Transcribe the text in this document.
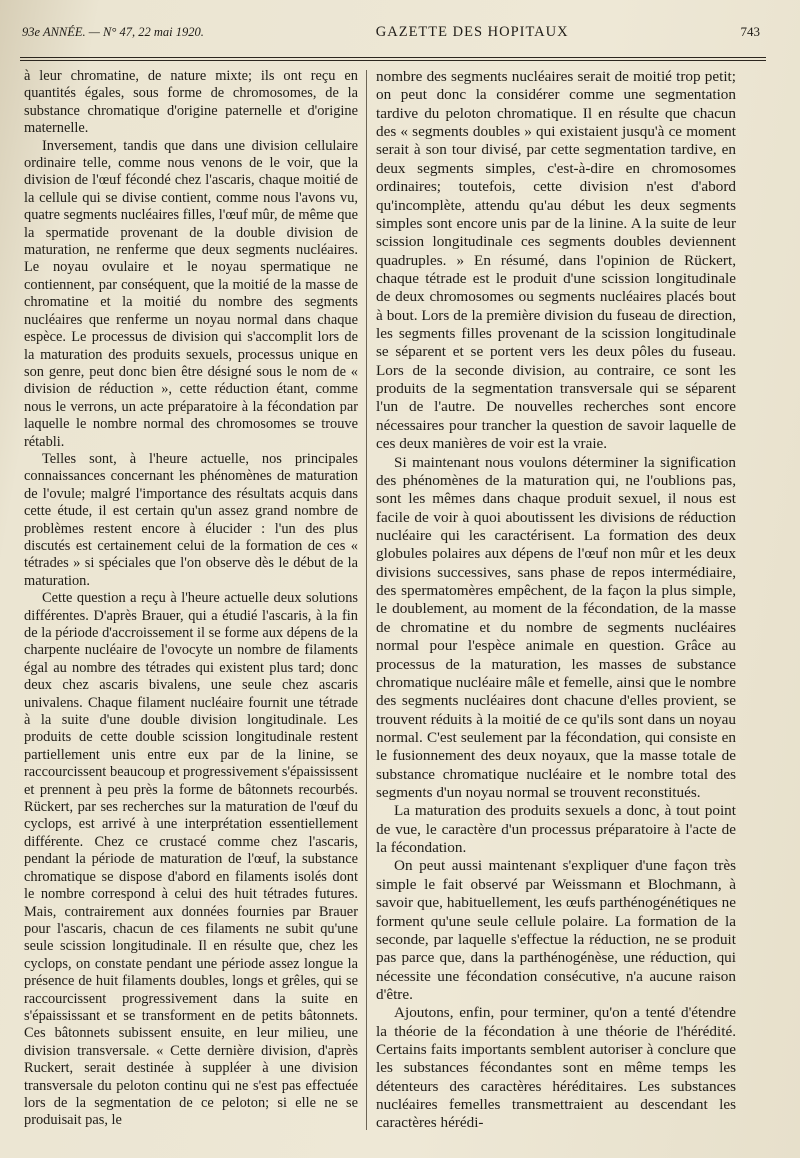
93e ANNÉE. — N° 47, 22 mai 1920.	GAZETTE DES HOPITAUX	743

à leur chromatine, de nature mixte; ils ont reçu en quantités égales, sous forme de chromosomes, de la substance chromatique d'origine paternelle et d'origine maternelle.

Inversement, tandis que dans une division cellulaire ordinaire telle, comme nous venons de le voir, que la division de l'œuf fécondé chez l'ascaris, chaque moitié de la cellule qui se divise contient, comme nous l'avons vu, quatre segments nucléaires filles, l'œuf mûr, de même que la spermatide provenant de la double division de maturation, ne renferme que deux segments nucléaires. Le noyau ovulaire et le noyau spermatique ne contiennent, par conséquent, que la moitié de la masse de chromatine et la moitié du nombre des segments nucléaires que renferme un noyau normal dans chaque espèce. Le processus de division qui s'accomplit lors de la maturation des produits sexuels, processus unique en son genre, peut donc bien être désigné sous le nom de « division de réduction », cette réduction étant, comme nous le verrons, un acte préparatoire à la fécondation par laquelle le nombre normal des chromosomes se trouve rétabli.

Telles sont, à l'heure actuelle, nos principales connaissances concernant les phénomènes de maturation de l'ovule; malgré l'importance des résultats acquis dans cette étude, il est certain qu'un assez grand nombre de problèmes restent encore à élucider : l'un des plus discutés est certainement celui de la formation de ces « tétrades » si spéciales que l'on observe dès le début de la maturation.

Cette question a reçu à l'heure actuelle deux solutions différentes. D'après Brauer, qui a étudié l'ascaris, à la fin de la période d'accroissement il se forme aux dépens de la charpente nucléaire de l'ovocyte un nombre de filaments égal au nombre des tétrades qui existent plus tard; donc deux chez ascaris bivalens, une seule chez ascaris univalens. Chaque filament nucléaire fournit une tétrade à la suite d'une double division longitudinale. Les produits de cette double scission longitudinale restent partiellement unis entre eux par de la linine, se raccourcissent beaucoup et progressivement s'épaississent et prennent à peu près la forme de bâtonnets recourbés. Rückert, par ses recherches sur la maturation de l'œuf du cyclops, est arrivé à une interprétation essentiellement différente. Chez ce crustacé comme chez l'ascaris, pendant la période de maturation de l'œuf, la substance chromatique se dispose d'abord en filaments isolés dont le nombre correspond à celui des huit tétrades futures. Mais, contrairement aux données fournies par Brauer pour l'ascaris, chacun de ces filaments ne subit qu'une seule scission longitudinale. Il en résulte que, chez les cyclops, on constate pendant une période assez longue la présence de huit filaments doubles, longs et grêles, qui se raccourcissent progressivement dans la suite en s'épaississant et se transforment en de petits bâtonnets. Ces bâtonnets subissent ensuite, en leur milieu, une division transversale. « Cette dernière division, d'après Ruckert, serait destinée à suppléer à une division transversale du peloton continu qui ne s'est pas effectuée lors de la segmentation de ce peloton; si elle ne se produisait pas, le

nombre des segments nucléaires serait de moitié trop petit; on peut donc la considérer comme une segmentation tardive du peloton chromatique. Il en résulte que chacun des « segments doubles » qui existaient jusqu'à ce moment serait à son tour divisé, par cette segmentation tardive, en deux segments simples, c'est-à-dire en chromosomes ordinaires; toutefois, cette division n'est d'abord qu'incomplète, attendu qu'au début les deux segments simples sont encore unis par de la linine. A la suite de leur scission longitudinale ces segments doubles deviennent quadruples. » En résumé, dans l'opinion de Rückert, chaque tétrade est le produit d'une scission longitudinale de deux chromosomes ou segments nucléaires placés bout à bout. Lors de la première division du fuseau de direction, les segments filles provenant de la scission longitudinale se séparent et se portent vers les deux pôles du fuseau. Lors de la seconde division, au contraire, ce sont les produits de la segmentation transversale qui se séparent l'un de l'autre. De nouvelles recherches sont encore nécessaires pour trancher la question de savoir laquelle de ces deux manières de voir est la vraie.

Si maintenant nous voulons déterminer la signification des phénomènes de la maturation qui, ne l'oublions pas, sont les mêmes dans chaque produit sexuel, il nous est facile de voir à quoi aboutissent les divisions de réduction nucléaire qui les caractérisent. La formation des deux globules polaires aux dépens de l'œuf non mûr et les deux divisions successives, sans phase de repos intermédiaire, des spermatomères empêchent, de la façon la plus simple, le doublement, au moment de la fécondation, de la masse de chromatine et du nombre de segments nucléaires normal pour l'espèce animale en question. Grâce au processus de la maturation, les masses de substance chromatique nucléaire mâle et femelle, ainsi que le nombre des segments nucléaires dont chacune d'elles provient, se trouvent réduits à la moitié de ce qu'ils sont dans un noyau normal. C'est seulement par la fécondation, qui consiste en le fusionnement des deux noyaux, que la masse totale de substance chromatique nucléaire et le nombre total des segments d'un noyau normal se trouvent reconstitués.

La maturation des produits sexuels a donc, à tout point de vue, le caractère d'un processus préparatoire à l'acte de la fécondation.

On peut aussi maintenant s'expliquer d'une façon très simple le fait observé par Weissmann et Blochmann, à savoir que, habituellement, les œufs parthénogénétiques ne forment qu'une seule cellule polaire. La formation de la seconde, par laquelle s'effectue la réduction, ne se produit pas parce que, dans la parthénogénèse, une réduction, qui nécessite une fécondation consécutive, n'a aucune raison d'être.

Ajoutons, enfin, pour terminer, qu'on a tenté d'étendre la théorie de la fécondation à une théorie de l'hérédité. Certains faits importants semblent autoriser à conclure que les substances fécondantes sont en même temps les détenteurs des caractères héréditaires. Les substances nucléaires femelles transmettraient au descendant les caractères hérédi-
